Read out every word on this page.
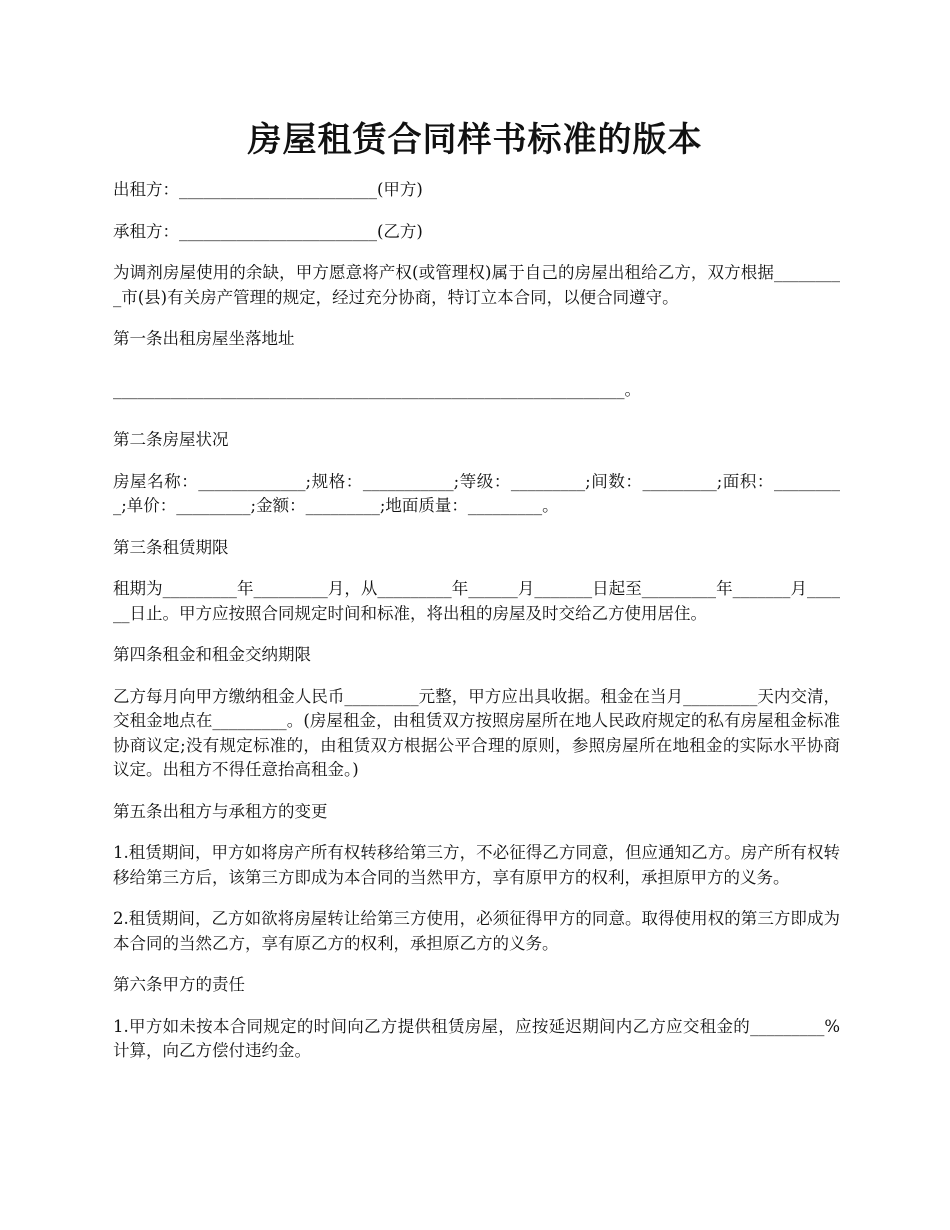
房屋租赁合同样书标准的版本

出租方：________________________(甲方)

承租方：________________________(乙方)

为调剂房屋使用的余缺，甲方愿意将产权(或管理权)属于自己的房屋出租给乙方，双方根据_________市(县)有关房产管理的规定，经过充分协商，特订立本合同，以便合同遵守。

第一条出租房屋坐落地址

______________________________________________________________。

第二条房屋状况

房屋名称：_____________;规格：___________;等级：_________;间数：_________;面积：_________;单价：_________;金额：_________;地面质量：_________。

第三条租赁期限

租期为_________年_________月，从_________年______月_______日起至_________年_______月______日止。甲方应按照合同规定时间和标准，将出租的房屋及时交给乙方使用居住。

第四条租金和租金交纳期限

乙方每月向甲方缴纳租金人民币_________元整，甲方应出具收据。租金在当月_________天内交清，交租金地点在_________。(房屋租金，由租赁双方按照房屋所在地人民政府规定的私有房屋租金标准协商议定;没有规定标准的，由租赁双方根据公平合理的原则，参照房屋所在地租金的实际水平协商议定。出租方不得任意抬高租金。)

第五条出租方与承租方的变更

1.租赁期间，甲方如将房产所有权转移给第三方，不必征得乙方同意，但应通知乙方。房产所有权转移给第三方后，该第三方即成为本合同的当然甲方，享有原甲方的权利，承担原甲方的义务。

2.租赁期间，乙方如欲将房屋转让给第三方使用，必须征得甲方的同意。取得使用权的第三方即成为本合同的当然乙方，享有原乙方的权利，承担原乙方的义务。

第六条甲方的责任

1.甲方如未按本合同规定的时间向乙方提供租赁房屋，应按延迟期间内乙方应交租金的_________%计算，向乙方偿付违约金。
